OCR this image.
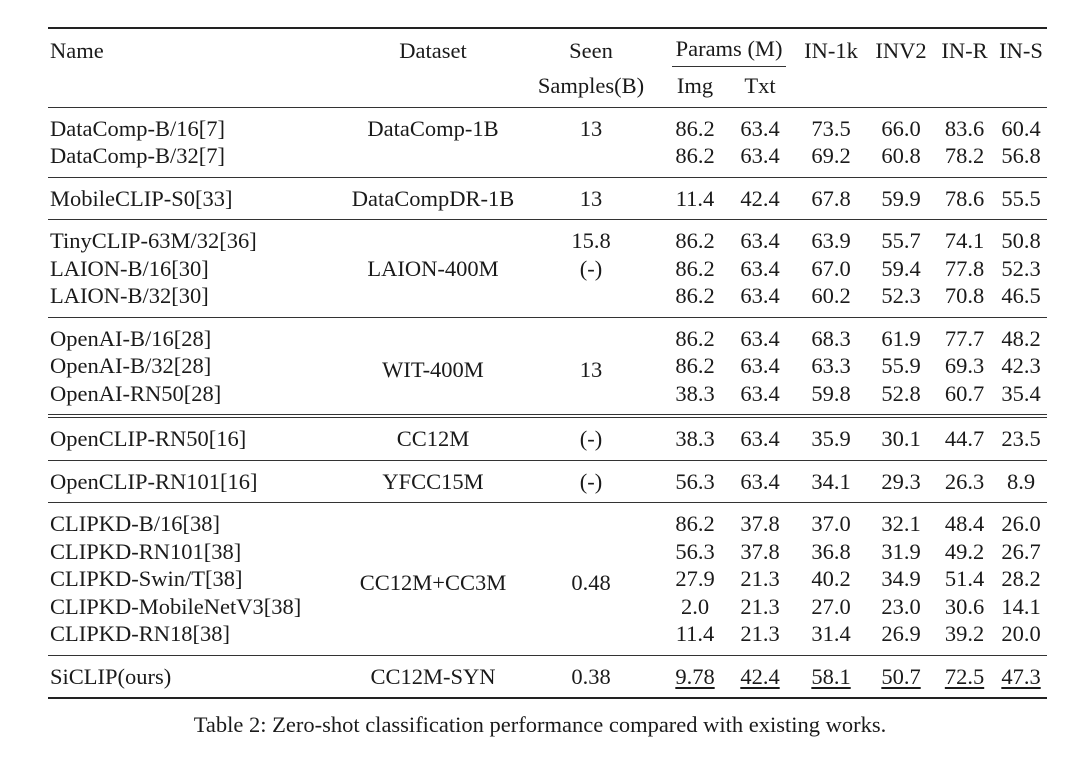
Name	Dataset	Seen	Params (M)		IN-1k	INV2	IN-R	IN-S
		Samples(B)	Img	Txt				
DataComp-B/16[7]	DataComp-1B	13	86.2	63.4	73.5	66.0	83.6	60.4
DataComp-B/32[7]			86.2	63.4	69.2	60.8	78.2	56.8
MobileCLIP-S0[33]	DataCompDR-1B	13	11.4	42.4	67.8	59.9	78.6	55.5
TinyCLIP-63M/32[36]		15.8	86.2	63.4	63.9	55.7	74.1	50.8
LAION-B/16[30]	LAION-400M	(-)	86.2	63.4	67.0	59.4	77.8	52.3
LAION-B/32[30]			86.2	63.4	60.2	52.3	70.8	46.5
OpenAI-B/16[28]	WIT-400M	13	86.2	63.4	68.3	61.9	77.7	48.2
OpenAI-B/32[28]			86.2	63.4	63.3	55.9	69.3	42.3
OpenAI-RN50[28]			38.3	63.4	59.8	52.8	60.7	35.4
OpenCLIP-RN50[16]	CC12M	(-)	38.3	63.4	35.9	30.1	44.7	23.5
OpenCLIP-RN101[16]	YFCC15M	(-)	56.3	63.4	34.1	29.3	26.3	8.9
CLIPKD-B/16[38]	CC12M+CC3M	0.48	86.2	37.8	37.0	32.1	48.4	26.0
CLIPKD-RN101[38]			56.3	37.8	36.8	31.9	49.2	26.7
CLIPKD-Swin/T[38]			27.9	21.3	40.2	34.9	51.4	28.2
CLIPKD-MobileNetV3[38]			2.0	21.3	27.0	23.0	30.6	14.1
CLIPKD-RN18[38]			11.4	21.3	31.4	26.9	39.2	20.0
SiCLIP(ours)	CC12M-SYN	0.38	9.78	42.4	58.1	50.7	72.5	47.3
Table 2: Zero-shot classification performance compared with existing works.
